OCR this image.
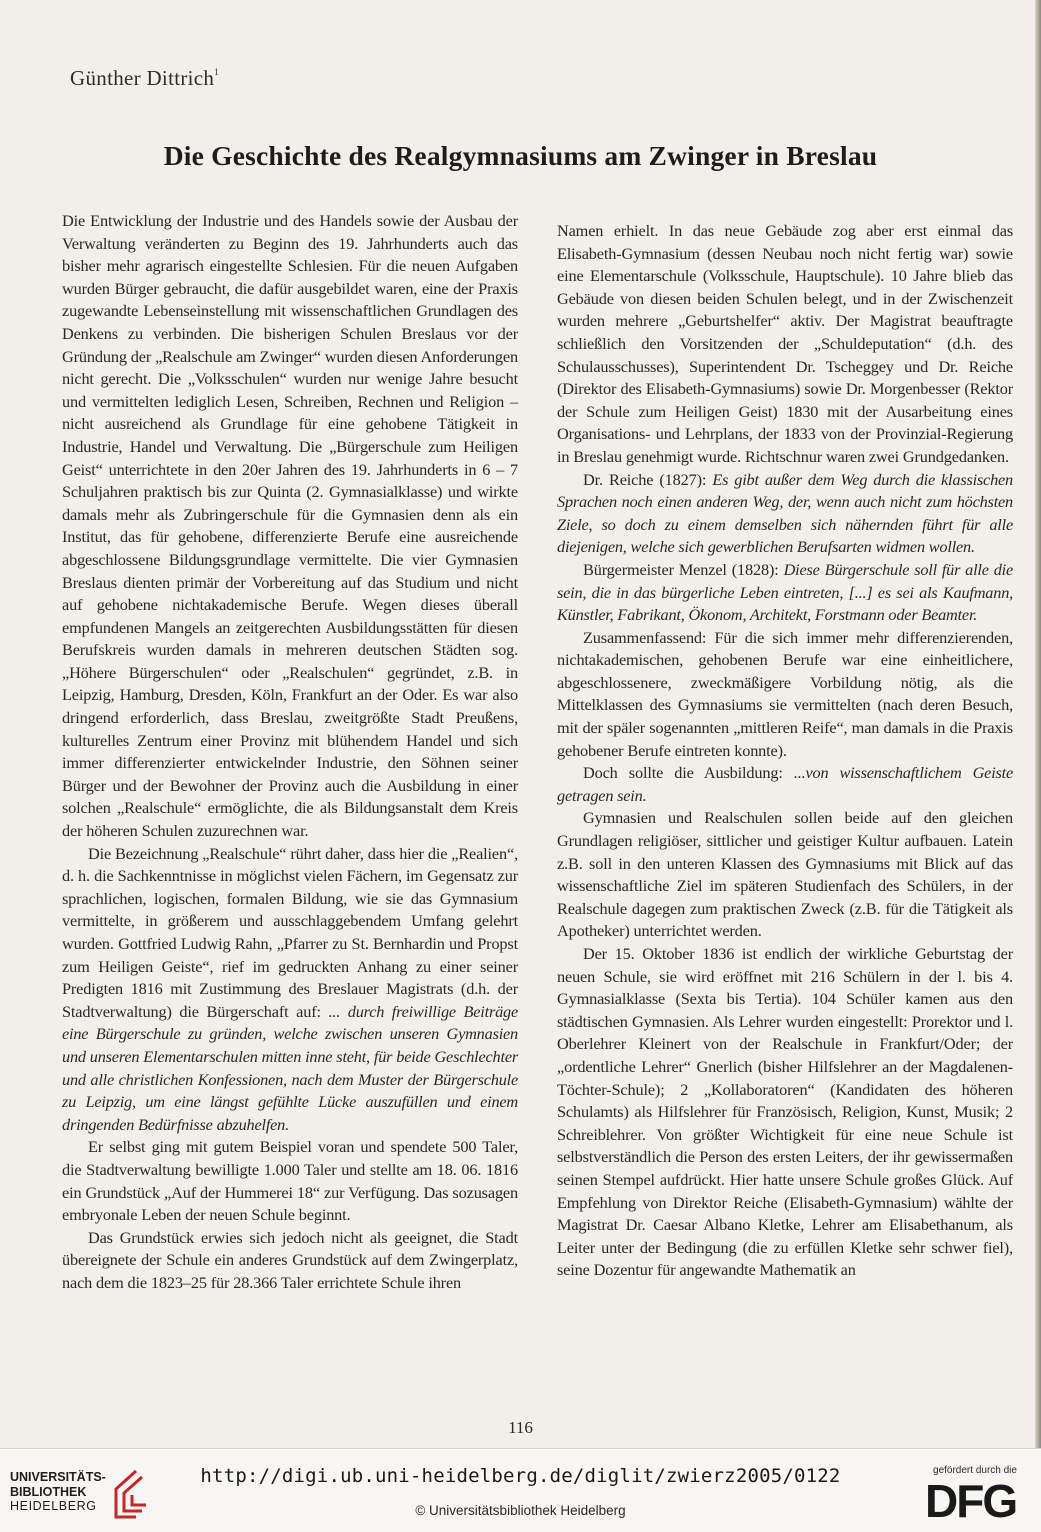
Günther Dittrich$^1$
Die Geschichte des Realgymnasiums am Zwinger in Breslau

Die Entwicklung der Industrie und des Handels sowie der Ausbau der Verwaltung veränderten zu Beginn des 19. Jahrhunderts auch das bisher mehr agrarisch eingestellte Schlesien. Für die neuen Aufgaben wurden Bürger gebraucht, die dafür ausgebildet waren, eine der Praxis zugewandte Lebenseinstellung mit wissenschaftlichen Grundlagen des Denkens zu verbinden. Die bisherigen Schulen Breslaus vor der Gründung der „Realschule am Zwinger“ wurden diesen Anforderungen nicht gerecht. Die „Volksschulen“ wurden nur wenige Jahre besucht und vermittelten lediglich Lesen, Schreiben, Rechnen und Religion – nicht ausreichend als Grundlage für eine gehobene Tätigkeit in Industrie, Handel und Verwaltung. Die „Bürgerschule zum Heiligen Geist“ unterrichtete in den 20er Jahren des 19. Jahrhunderts in 6 – 7 Schuljahren praktisch bis zur Quinta (2. Gymnasialklasse) und wirkte damals mehr als Zubringerschule für die Gymnasien denn als ein Institut, das für gehobene, differenzierte Berufe eine ausreichende abgeschlossene Bildungsgrundlage vermittelte. Die vier Gymnasien Breslaus dienten primär der Vorbereitung auf das Studium und nicht auf gehobene nichtakademische Berufe. Wegen dieses überall empfundenen Mangels an zeitgerechten Ausbildungsstätten für diesen Berufskreis wurden damals in mehreren deutschen Städten sog. „Höhere Bürgerschulen“ oder „Realschulen“ gegründet, z.B. in Leipzig, Hamburg, Dresden, Köln, Frankfurt an der Oder. Es war also dringend erforderlich, dass Breslau, zweitgrößte Stadt Preußens, kulturelles Zentrum einer Provinz mit blühendem Handel und sich immer differenzierter entwickelnder Industrie, den Söhnen seiner Bürger und der Bewohner der Provinz auch die Ausbildung in einer solchen „Realschule“ ermöglichte, die als Bildungsanstalt dem Kreis der höheren Schulen zuzurechnen war.

Die Bezeichnung „Realschule“ rührt daher, dass hier die „Realien“, d. h. die Sachkenntnisse in möglichst vielen Fächern, im Gegensatz zur sprachlichen, logischen, formalen Bildung, wie sie das Gymnasium vermittelte, in größerem und ausschlaggebendem Umfang gelehrt wurden. Gottfried Ludwig Rahn, „Pfarrer zu St. Bernhardin und Propst zum Heiligen Geiste“, rief im gedruckten Anhang zu einer seiner Predigten 1816 mit Zustimmung des Breslauer Magistrats (d.h. der Stadtverwaltung) die Bürgerschaft auf: ... durch freiwillige Beiträge eine Bürgerschule zu gründen, welche zwischen unseren Gymnasien und unseren Elementarschulen mitten inne steht, für beide Geschlechter und alle christlichen Konfessionen, nach dem Muster der Bürgerschule zu Leipzig, um eine längst gefühlte Lücke auszufüllen und einem dringenden Bedürfnisse abzuhelfen.

Er selbst ging mit gutem Beispiel voran und spendete 500 Taler, die Stadtverwaltung bewilligte 1.000 Taler und stellte am 18. 06. 1816 ein Grundstück „Auf der Hummerei 18“ zur Verfügung. Das sozusagen embryonale Leben der neuen Schule beginnt.

Das Grundstück erwies sich jedoch nicht als geeignet, die Stadt übereignete der Schule ein anderes Grundstück auf dem Zwingerplatz, nach dem die 1823–25 für 28.366 Taler errichtete Schule ihren

Namen erhielt. In das neue Gebäude zog aber erst einmal das Elisabeth-Gymnasium (dessen Neubau noch nicht fertig war) sowie eine Elementarschule (Volksschule, Hauptschule). 10 Jahre blieb das Gebäude von diesen beiden Schulen belegt, und in der Zwischenzeit wurden mehrere „Geburtshelfer“ aktiv. Der Magistrat beauftragte schließlich den Vorsitzenden der „Schuldeputation“ (d.h. des Schulausschusses), Superintendent Dr. Tscheggey und Dr. Reiche (Direktor des Elisabeth-Gymnasiums) sowie Dr. Morgenbesser (Rektor der Schule zum Heiligen Geist) 1830 mit der Ausarbeitung eines Organisations- und Lehrplans, der 1833 von der Provinzial-Regierung in Breslau genehmigt wurde. Richtschnur waren zwei Grundgedanken.

Dr. Reiche (1827): Es gibt außer dem Weg durch die klassischen Sprachen noch einen anderen Weg, der, wenn auch nicht zum höchsten Ziele, so doch zu einem demselben sich nähernden führt für alle diejenigen, welche sich gewerblichen Berufsarten widmen wollen.

Bürgermeister Menzel (1828): Diese Bürgerschule soll für alle die sein, die in das bürgerliche Leben eintreten, [...] es sei als Kaufmann, Künstler, Fabrikant, Ökonom, Architekt, Forstmann oder Beamter.

Zusammenfassend: Für die sich immer mehr differenzierenden, nichtakademischen, gehobenen Berufe war eine einheitlichere, abgeschlossenere, zweckmäßigere Vorbildung nötig, als die Mittelklassen des Gymnasiums sie vermittelten (nach deren Besuch, mit der späler sogenannten „mittleren Reife“, man damals in die Praxis gehobener Berufe eintreten konnte).

Doch sollte die Ausbildung: ...von wissenschaftlichem Geiste getragen sein.

Gymnasien und Realschulen sollen beide auf den gleichen Grundlagen religiöser, sittlicher und geistiger Kultur aufbauen. Latein z.B. soll in den unteren Klassen des Gymnasiums mit Blick auf das wissenschaftliche Ziel im späteren Studienfach des Schülers, in der Realschule dagegen zum praktischen Zweck (z.B. für die Tätigkeit als Apotheker) unterrichtet werden.

Der 15. Oktober 1836 ist endlich der wirkliche Geburtstag der neuen Schule, sie wird eröffnet mit 216 Schülern in der l. bis 4. Gymnasialklasse (Sexta bis Tertia). 104 Schüler kamen aus den städtischen Gymnasien. Als Lehrer wurden eingestellt: Prorektor und l. Oberlehrer Kleinert von der Realschule in Frankfurt/Oder; der „ordentliche Lehrer“ Gnerlich (bisher Hilfslehrer an der Magdalenen-Töchter-Schule); 2 „Kollaboratoren“ (Kandidaten des höheren Schulamts) als Hilfslehrer für Französisch, Religion, Kunst, Musik; 2 Schreiblehrer. Von größter Wichtigkeit für eine neue Schule ist selbstverständlich die Person des ersten Leiters, der ihr gewissermaßen seinen Stempel aufdrückt. Hier hatte unsere Schule großes Glück. Auf Empfehlung von Direktor Reiche (Elisabeth-Gymnasium) wählte der Magistrat Dr. Caesar Albano Kletke, Lehrer am Elisabethanum, als Leiter unter der Bedingung (die zu erfüllen Kletke sehr schwer fiel), seine Dozentur für angewandte Mathematik an

116
UNIVERSITÄTS-
BIBLIOTHEK
HEIDELBERG
http://digi.ub.uni-heidelberg.de/diglit/zwierz2005/0122
© Universitätsbibliothek Heidelberg
gefördert durch die
DFG
